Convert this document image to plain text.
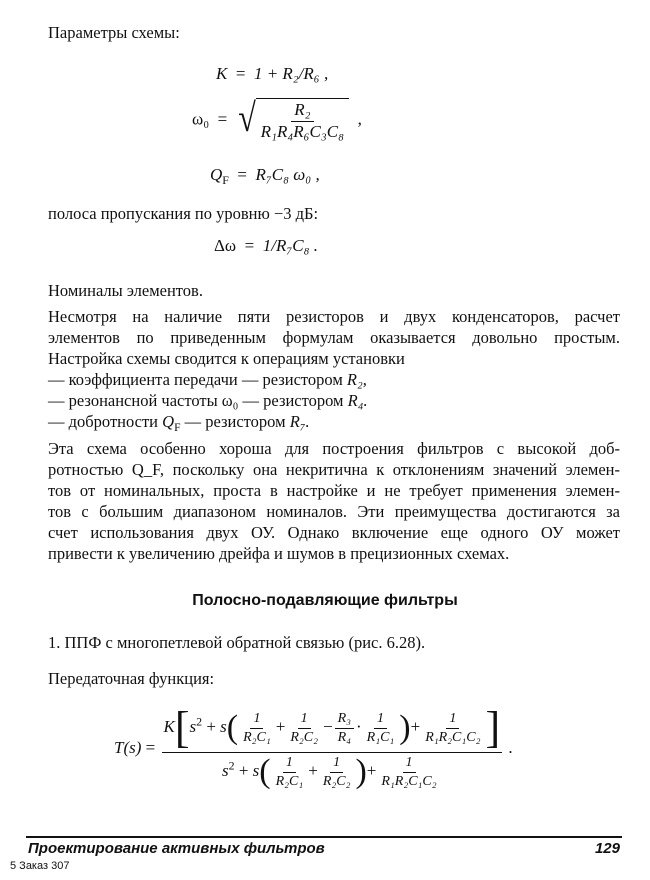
Параметры схемы:
K = 1 + R₂/R₆ ,
ω₀ = √ $\frac{\text{R₂}}{\text{R₁R₄R₆C₃C₈}}$ ,
$Q_F = R_7C_8$ ω₀ ,
полоса пропускания по уровню −3 дБ:
Δω = 1/R₇C₈ .
Номиналы элементов.
Несмотря на наличие пяти резисторов и двух конденсаторов, расчет
элементов по приведенным формулам оказывается довольно простым.
Настройка схемы сводится к операциям установки
— коэффициента передачи — резистором R₂,
— резонансной частоты ω₀ — резистором R₄.
— добротности $Q_F$ — резистором R₇.
Эта схема особенно хороша для построения фильтров с высокой доб-
ротностью Q_F, поскольку она некритична к отклонениям значений элемен-
тов от номинальных, проста в настройке и не требует применения элемен-
тов с большим диапазоном номиналов. Эти преимущества достигаются за
счет использования двух ОУ. Однако включение еще одного ОУ может
привести к увеличению дрейфа и шумов в прецизионных схемах.
Полосно-подавляющие фильтры
1. ППФ с многопетлевой обратной связью (рис. 6.28).
Передаточная функция:
T(s)
=
$\frac{K[s^2 + s( \frac{1}{\text{R₂C₁}} + \frac{1}{\text{R₂C₂}} - \frac{\text{R₃}}{\text{R₄}} \cdot \frac{1}{\text{R₁C₁}} )+ \frac{1}{\text{R₁R₂C₁C₂}} ]}{s^2 + s( \frac{1}{\text{R₂C₁}} + \frac{1}{\text{R₂C₂}} )+ \frac{1}{\text{R₁R₂C₁C₂}}}$
.
Проектирование активных фильтров	129
5 Заказ 307
